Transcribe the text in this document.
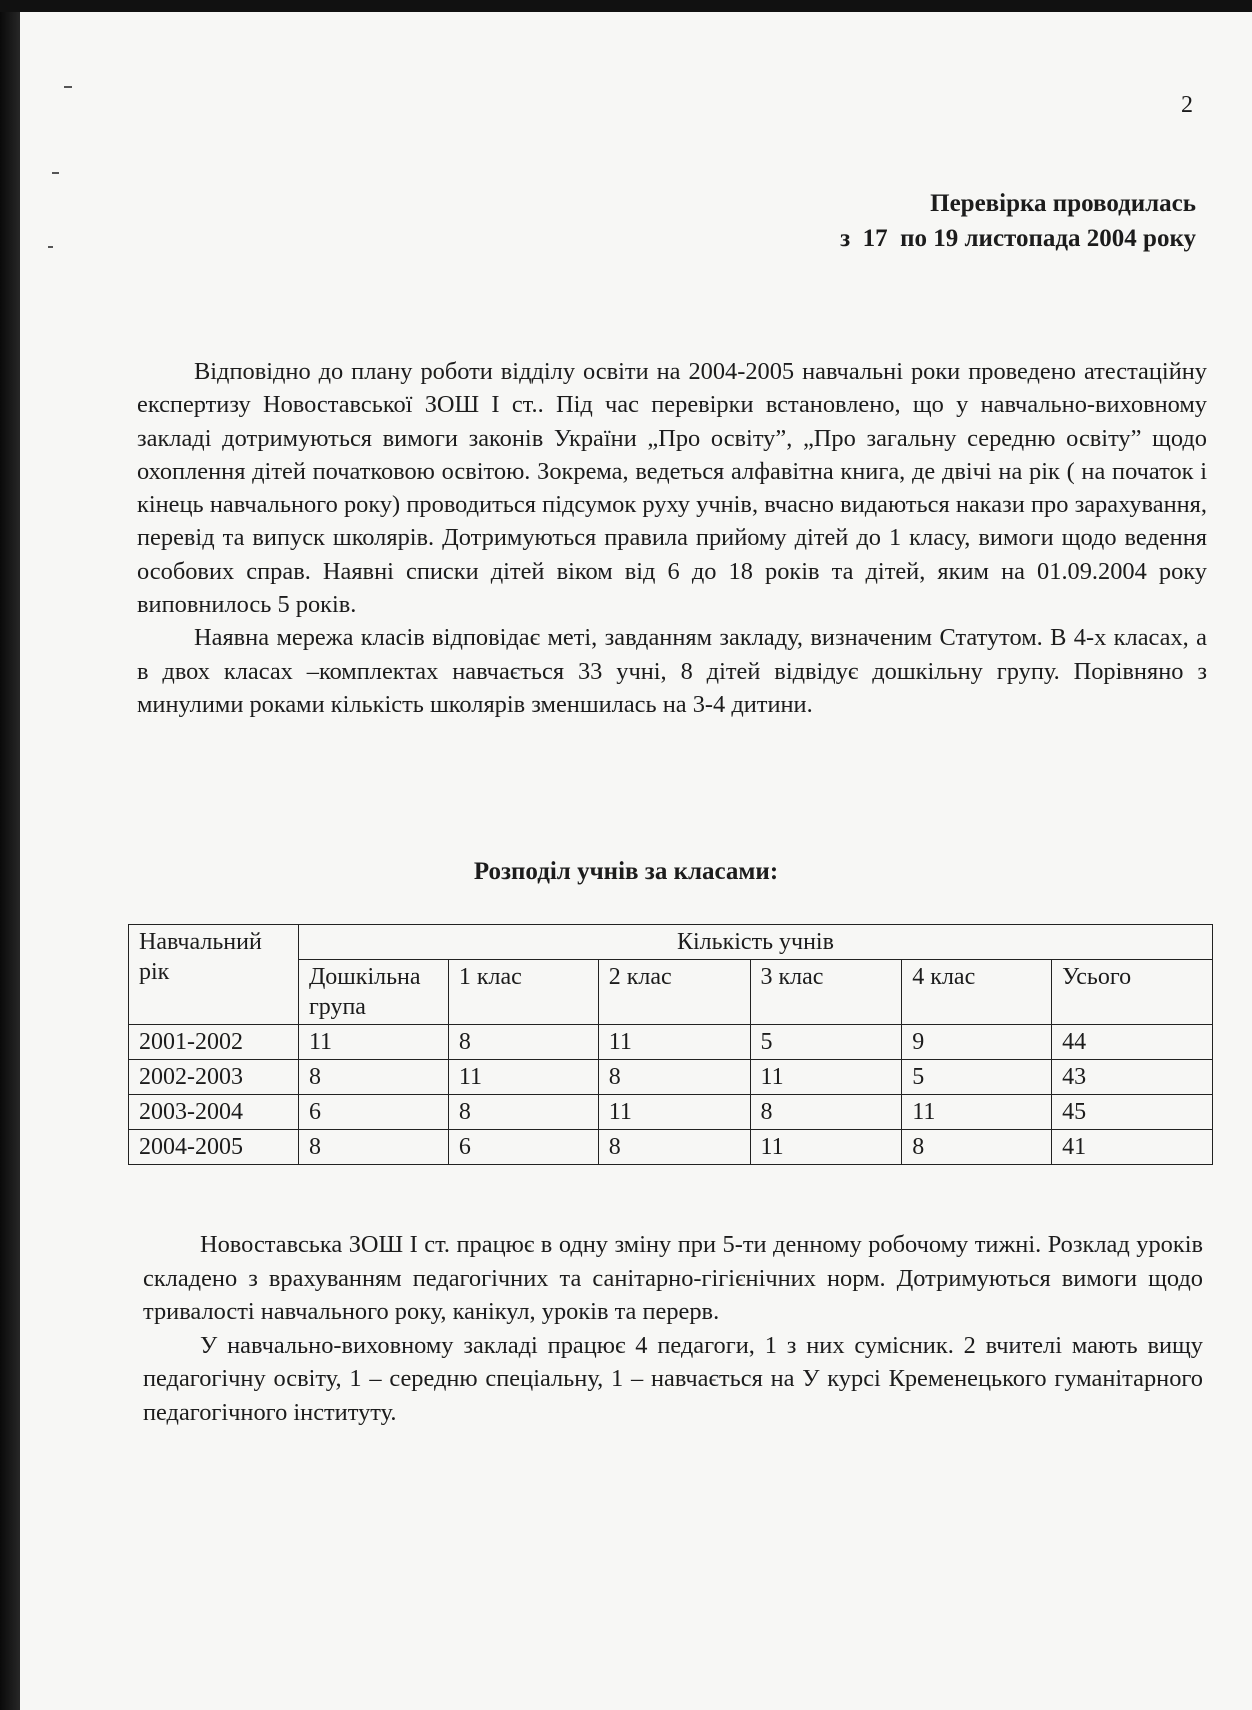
2
Перевірка проводилась
з  17  по 19 листопада 2004 року

Відповідно до плану роботи відділу освіти на 2004-2005 навчальні роки проведено атестаційну експертизу Новоставської ЗОШ І ст.. Під час перевірки встановлено, що у навчально-виховному закладі дотримуються вимоги законів України „Про освіту”, „Про загальну середню освіту” щодо охоплення дітей початковою освітою. Зокрема, ведеться алфавітна книга, де двічі на рік ( на початок і кінець навчального року) проводиться підсумок руху учнів, вчасно видаються накази про зарахування, перевід та випуск школярів. Дотримуються правила прийому дітей до 1 класу, вимоги щодо ведення особових справ. Наявні списки дітей віком від 6 до 18 років та дітей, яким на 01.09.2004 року виповнилось 5 років.

Наявна мережа класів відповідає меті, завданням закладу, визначеним Статутом. В 4-х класах, а в двох класах –комплектах навчається 33 учні, 8 дітей відвідує дошкільну групу. Порівняно з минулими роками кількість школярів зменшилась на 3-4 дитини.

Розподіл учнів за класами:
Навчальний рік	Кількість учнів					
	Дошкільна група	1 клас	2 клас	3 клас	4 клас	Усього
2001-2002	11	8	11	5	9	44
2002-2003	8	11	8	11	5	43
2003-2004	6	8	11	8	11	45
2004-2005	8	6	8	11	8	41

Новоставська ЗОШ І ст. працює в одну зміну при 5-ти денному робочому тижні. Розклад уроків складено з врахуванням педагогічних та санітарно-гігієнічних норм. Дотримуються вимоги щодо тривалості навчального року, канікул, уроків та перерв.

У навчально-виховному закладі працює 4 педагоги, 1 з них сумісник. 2 вчителі мають вищу педагогічну освіту, 1 – середню спеціальну, 1 – навчається на У курсі Кременецького гуманітарного педагогічного інституту.
